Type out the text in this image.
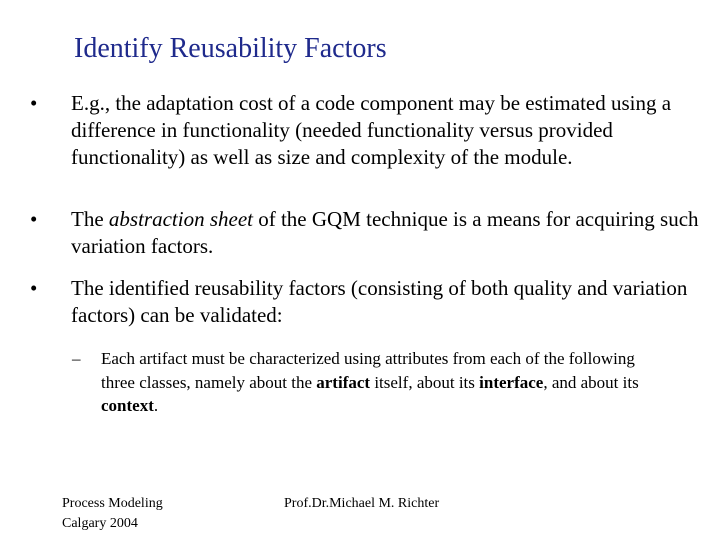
Identify Reusability Factors
•	E.g., the adaptation cost of a code component may be estimated using a difference in functionality (needed functionality versus provided functionality) as well as size and complexity of the module.
•	The abstraction sheet of the GQM technique is a means for acquiring such variation factors.
•	The identified reusability factors (consisting of both quality and variation factors) can be validated:
–	Each artifact must be characterized using attributes from each of the following three classes, namely about the artifact itself, about its interface, and about its context.
Process Modeling
Calgary 2004
Prof.Dr.Michael M. Richter
